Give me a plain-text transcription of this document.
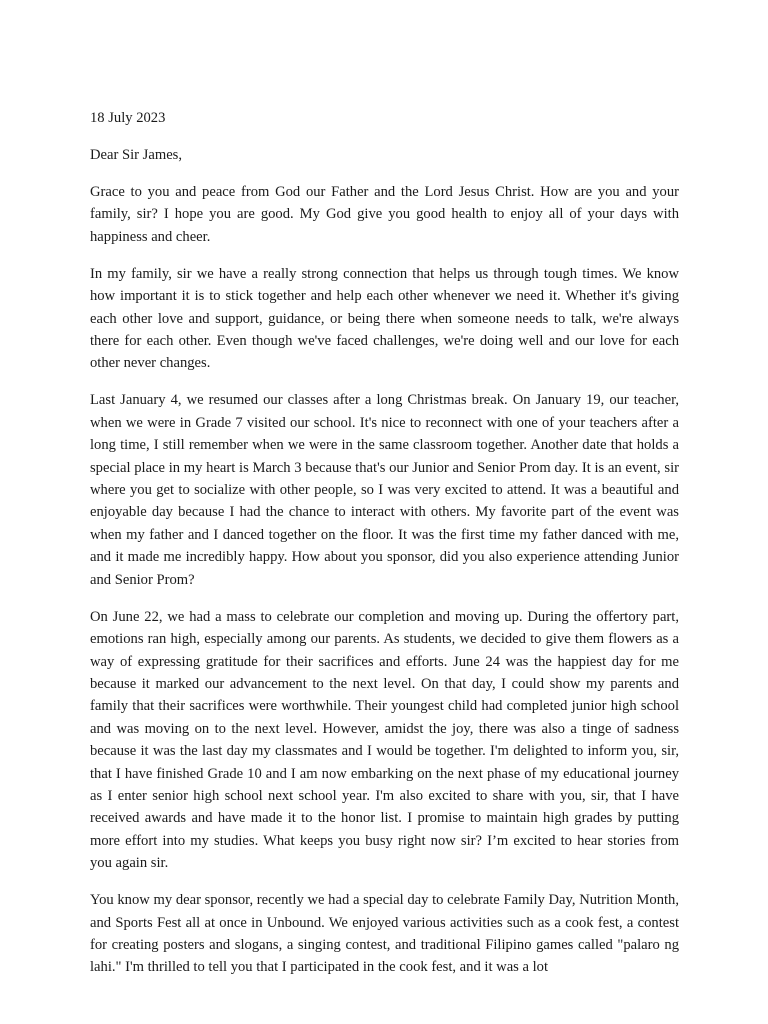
18 July 2023

Dear Sir James,

Grace to you and peace from God our Father and the Lord Jesus Christ. How are you and your family, sir? I hope you are good. My God give you good health to enjoy all of your days with happiness and cheer.

In my family, sir we have a really strong connection that helps us through tough times. We know how important it is to stick together and help each other whenever we need it. Whether it's giving each other love and support, guidance, or being there when someone needs to talk, we're always there for each other. Even though we've faced challenges, we're doing well and our love for each other never changes.

Last January 4, we resumed our classes after a long Christmas break. On January 19, our teacher, when we were in Grade 7 visited our school. It's nice to reconnect with one of your teachers after a long time, I still remember when we were in the same classroom together. Another date that holds a special place in my heart is March 3 because that's our Junior and Senior Prom day. It is an event, sir where you get to socialize with other people, so I was very excited to attend. It was a beautiful and enjoyable day because I had the chance to interact with others. My favorite part of the event was when my father and I danced together on the floor. It was the first time my father danced with me, and it made me incredibly happy. How about you sponsor, did you also experience attending Junior and Senior Prom?

On June 22, we had a mass to celebrate our completion and moving up. During the offertory part, emotions ran high, especially among our parents. As students, we decided to give them flowers as a way of expressing gratitude for their sacrifices and efforts. June 24 was the happiest day for me because it marked our advancement to the next level. On that day, I could show my parents and family that their sacrifices were worthwhile. Their youngest child had completed junior high school and was moving on to the next level. However, amidst the joy, there was also a tinge of sadness because it was the last day my classmates and I would be together. I'm delighted to inform you, sir, that I have finished Grade 10 and I am now embarking on the next phase of my educational journey as I enter senior high school next school year. I'm also excited to share with you, sir, that I have received awards and have made it to the honor list. I promise to maintain high grades by putting more effort into my studies. What keeps you busy right now sir? I’m excited to hear stories from you again sir.

You know my dear sponsor, recently we had a special day to celebrate Family Day, Nutrition Month, and Sports Fest all at once in Unbound. We enjoyed various activities such as a cook fest, a contest for creating posters and slogans, a singing contest, and traditional Filipino games called "palaro ng lahi." I'm thrilled to tell you that I participated in the cook fest, and it was a lot
